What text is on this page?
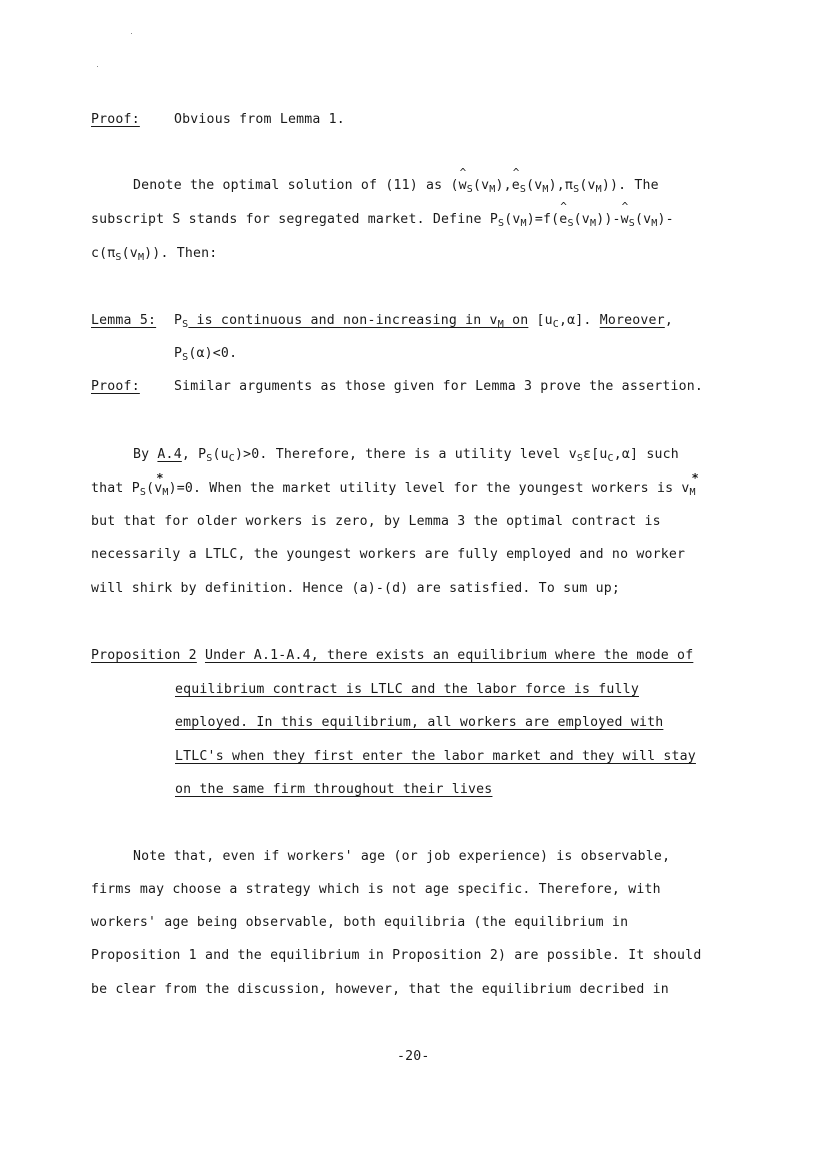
Proof:	Obvious from Lemma 1.
Denote the optimal solution of (11) as (^ $w_S(v_M),\^{}$ $e_S(v_M),\pi_S(v_M)$). The
subscript S stands for segregated market. Define $P_S(v_M)=f(\^{}$ $e_S(v_M))-\^{}$ $w_S(v_M)-$
$c(\pi_S(v_M))$. Then:
Lemma 5: $P_S$ is continuous and non-increasing in $v_M$ on $[u_C,\alpha]$. Moreover,
$P_S(\alpha)<0$.
Proof:	Similar arguments as those given for Lemma 3 prove the assertion.
By A.4, $P_S(u_C)>0$. Therefore, there is a utility level $v_S\varepsilon[u_C,\alpha]$ such
that $P_S(*$ $v_M)=0$. When the market utility level for the youngest workers is $v_M$
but that for older workers is zero, by Lemma 3 the optimal contract is
necessarily a LTLC, the youngest workers are fully employed and no worker
will shirk by definition. Hence (a)-(d) are satisfied. To sum up;
Proposition 2 Under A.1-A.4, there exists an equilibrium where the mode of
equilibrium contract is LTLC and the labor force is fully
employed. In this equilibrium, all workers are employed with
LTLC's when they first enter the labor market and they will stay
on the same firm throughout their lives
Note that, even if workers' age (or job experience) is observable,
firms may choose a strategy which is not age specific. Therefore, with
workers' age being observable, both equilibria (the equilibrium in
Proposition 1 and the equilibrium in Proposition 2) are possible. It should
be clear from the discussion, however, that the equilibrium decribed in
-20-
